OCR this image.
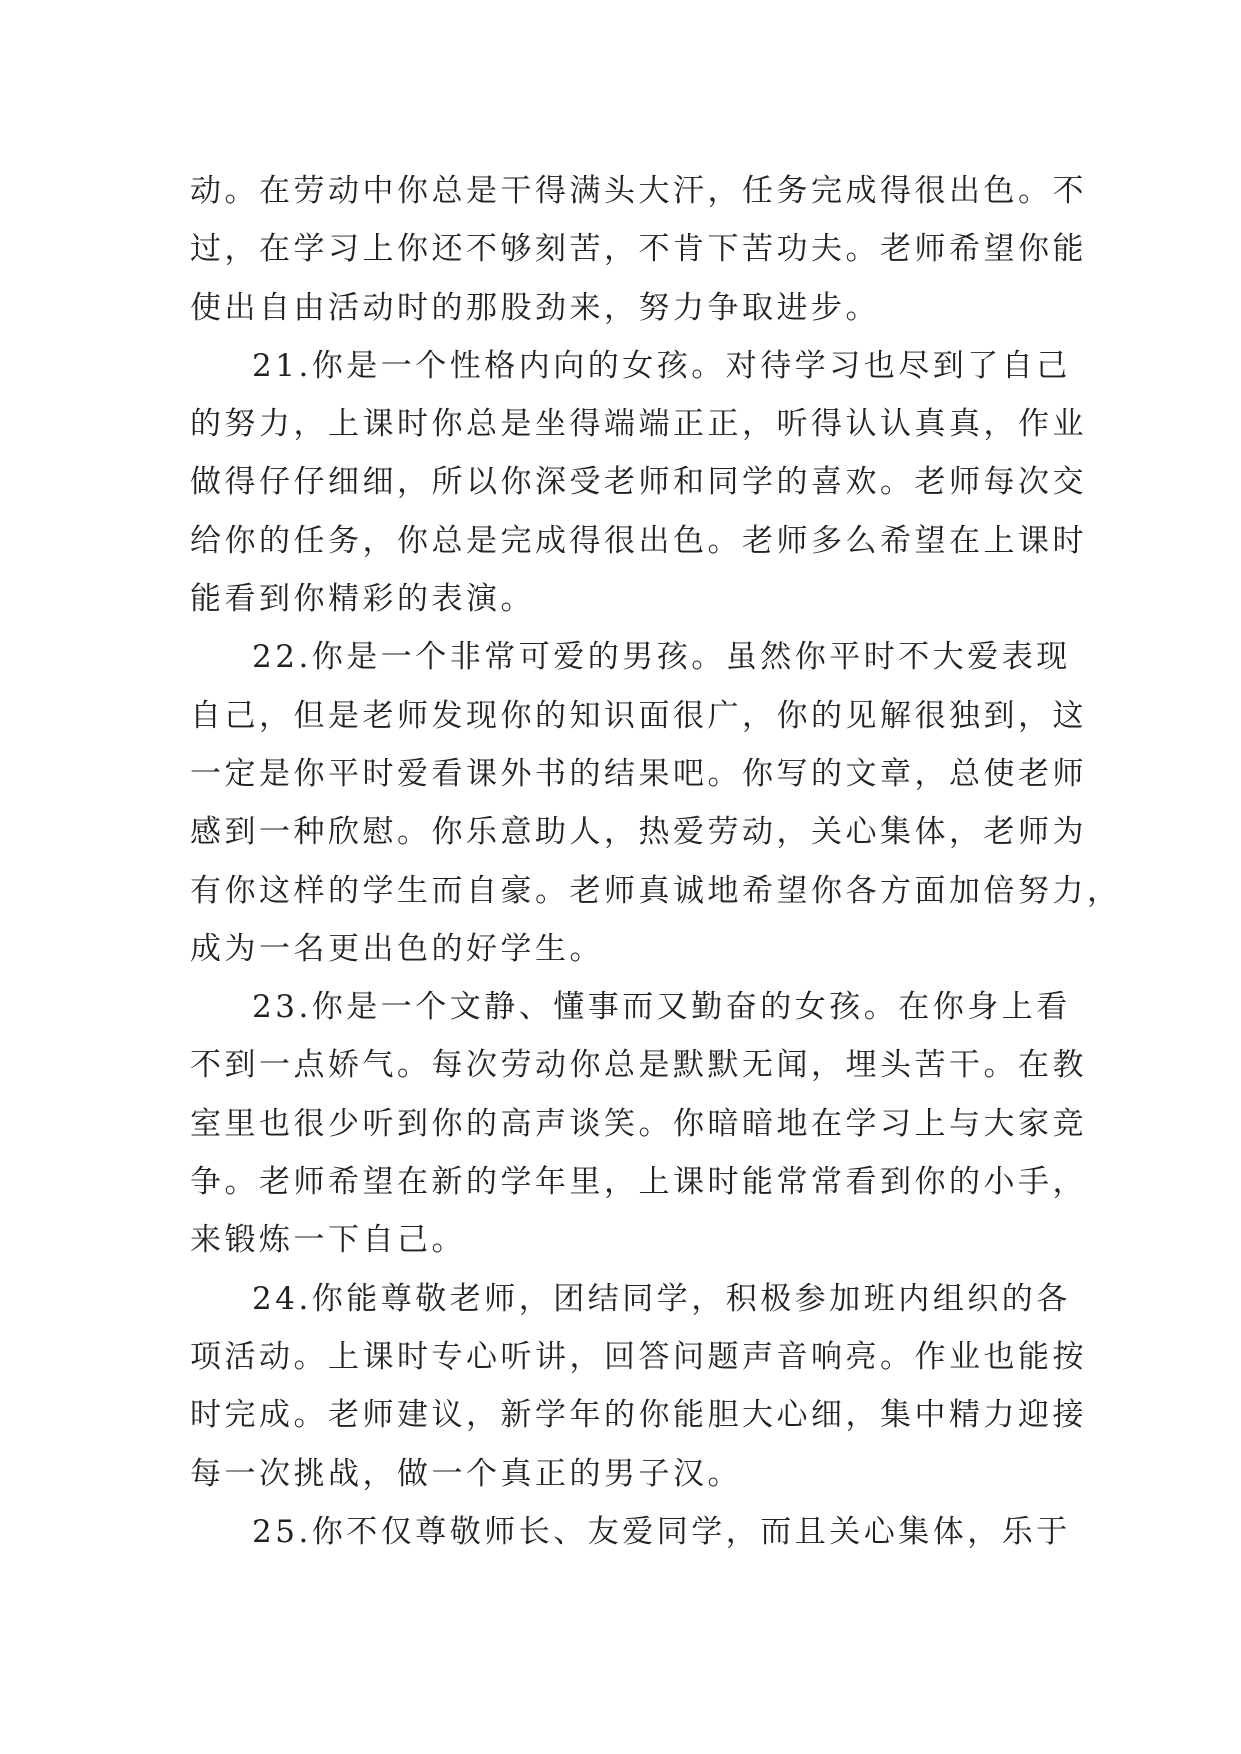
动。在劳动中你总是干得满头大汗，任务完成得很出色。不
过，在学习上你还不够刻苦，不肯下苦功夫。老师希望你能
使出自由活动时的那股劲来，努力争取进步。
21.你是一个性格内向的女孩。对待学习也尽到了自己
的努力，上课时你总是坐得端端正正，听得认认真真，作业
做得仔仔细细，所以你深受老师和同学的喜欢。老师每次交
给你的任务，你总是完成得很出色。老师多么希望在上课时
能看到你精彩的表演。
22.你是一个非常可爱的男孩。虽然你平时不大爱表现
自己，但是老师发现你的知识面很广，你的见解很独到，这
一定是你平时爱看课外书的结果吧。你写的文章，总使老师
感到一种欣慰。你乐意助人，热爱劳动，关心集体，老师为
有你这样的学生而自豪。老师真诚地希望你各方面加倍努力，
成为一名更出色的好学生。
23.你是一个文静、懂事而又勤奋的女孩。在你身上看
不到一点娇气。每次劳动你总是默默无闻，埋头苦干。在教
室里也很少听到你的高声谈笑。你暗暗地在学习上与大家竞
争。老师希望在新的学年里，上课时能常常看到你的小手，
来锻炼一下自己。
24.你能尊敬老师，团结同学，积极参加班内组织的各
项活动。上课时专心听讲，回答问题声音响亮。作业也能按
时完成。老师建议，新学年的你能胆大心细，集中精力迎接
每一次挑战，做一个真正的男子汉。
25.你不仅尊敬师长、友爱同学，而且关心集体，乐于
